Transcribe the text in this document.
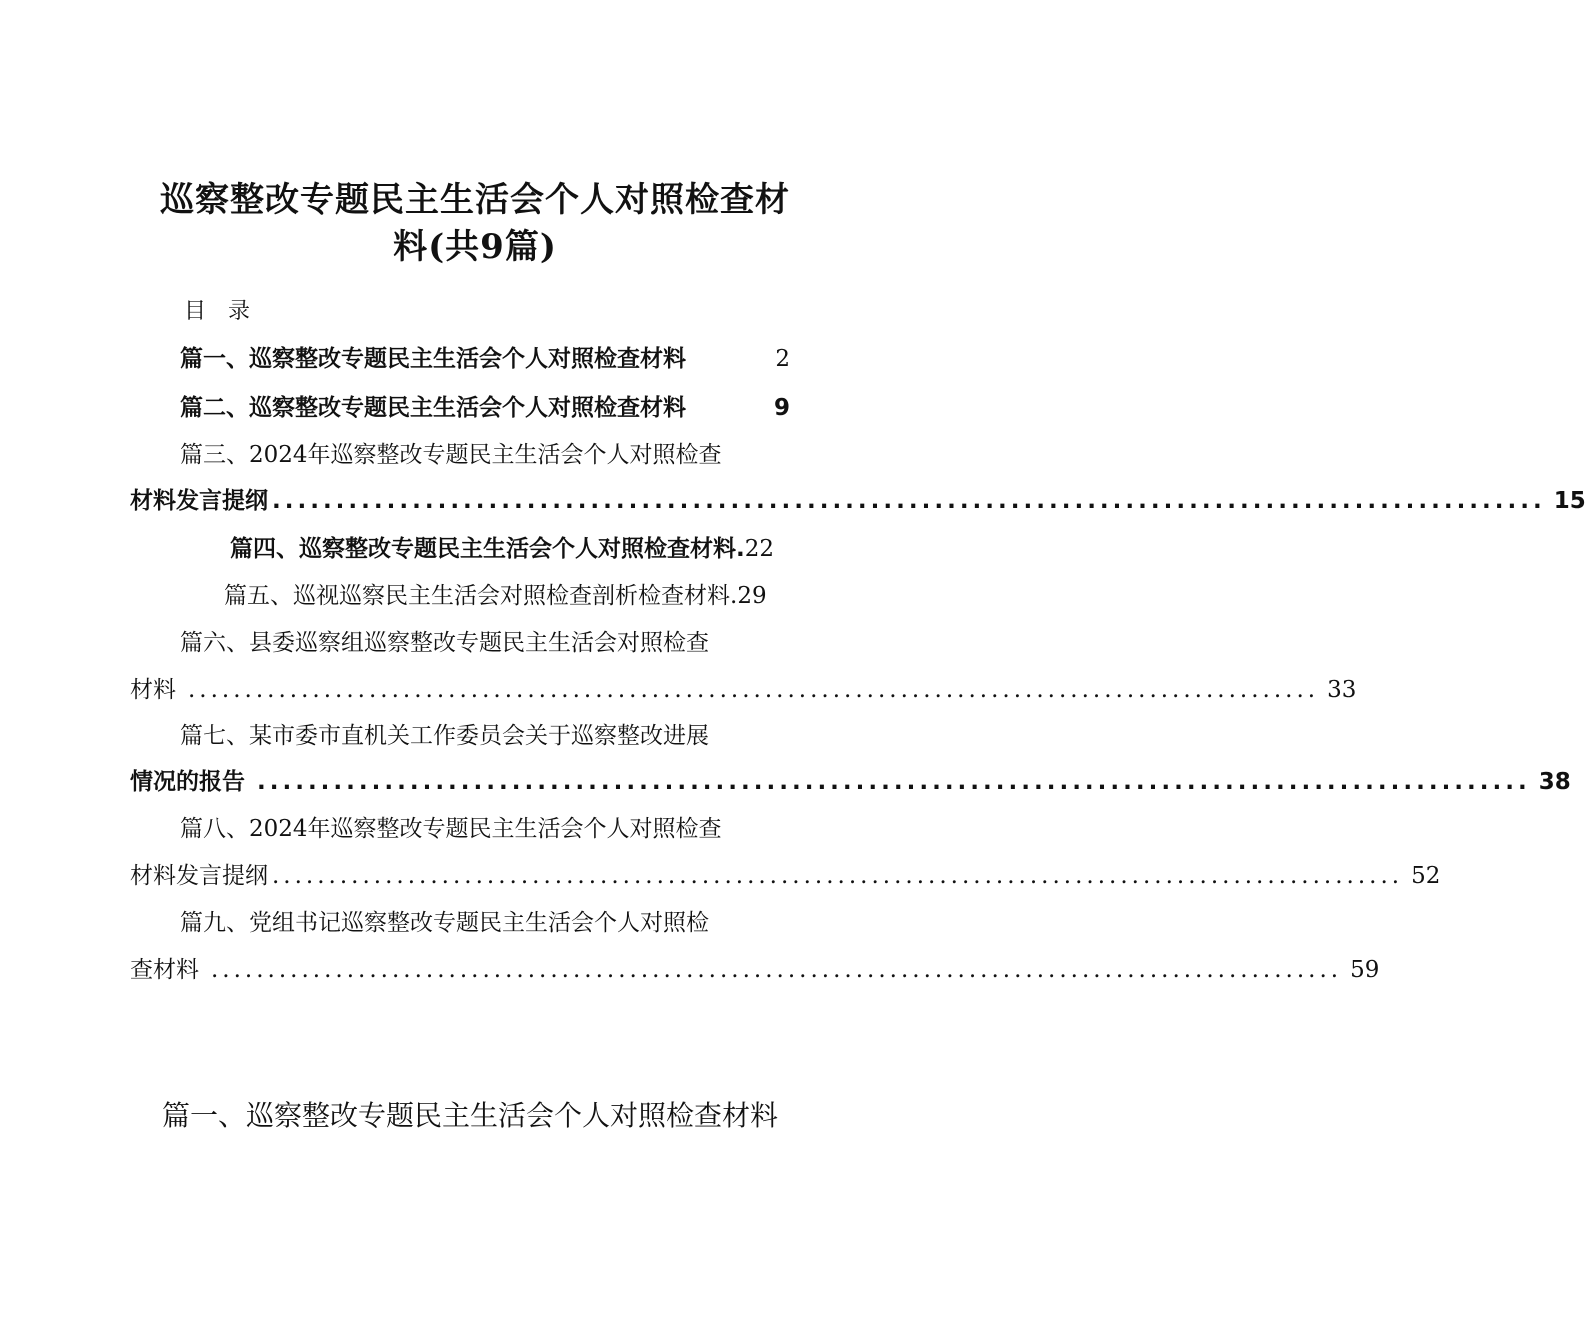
巡察整改专题民主生活会个人对照检查材
料(共9篇)
目录
篇一、巡察整改专题民主生活会个人对照检查材料	2
篇二、巡察整改专题民主生活会个人对照检查材料	9
篇三、2024年巡察整改专题民主生活会个人对照检查
材料发言提纲 .................................................................................................... 15
篇四、巡察整改专题民主生活会个人对照检查材料.22
篇五、巡视巡察民主生活会对照检查剖析检查材料.29
篇六、县委巡察组巡察整改专题民主生活会对照检查
材料 .................................................................................................... 33
篇七、某市委市直机关工作委员会关于巡察整改进展
情况的报告 .................................................................................................... 38
篇八、2024年巡察整改专题民主生活会个人对照检查
材料发言提纲 .................................................................................................... 52
篇九、党组书记巡察整改专题民主生活会个人对照检
查材料 .................................................................................................... 59
篇一、巡察整改专题民主生活会个人对照检查材料
